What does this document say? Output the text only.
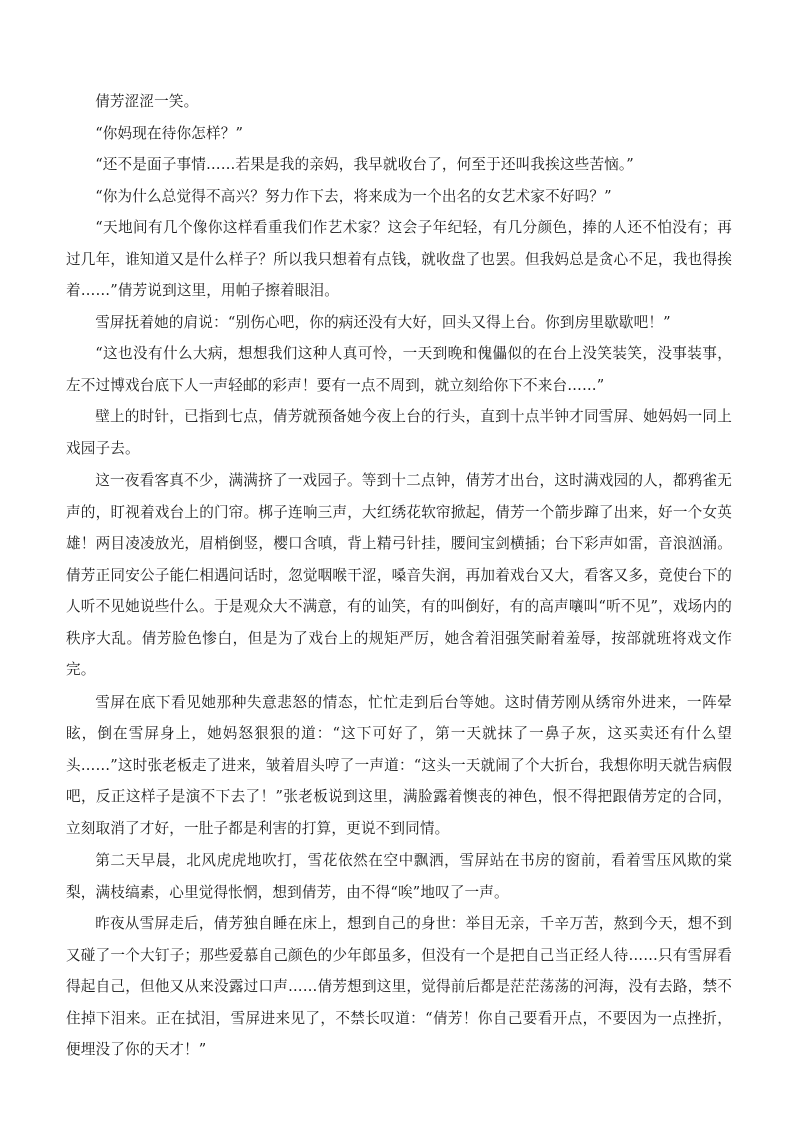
倩芳涩涩一笑。

“你妈现在待你怎样？”

“还不是面子事情……若果是我的亲妈，我早就收台了，何至于还叫我挨这些苦恼。”

“你为什么总觉得不高兴？努力作下去，将来成为一个出名的女艺术家不好吗？”

“天地间有几个像你这样看重我们作艺术家？这会子年纪轻，有几分颜色，捧的人还不怕没有；再过几年，谁知道又是什么样子？所以我只想着有点钱，就收盘了也罢。但我妈总是贪心不足，我也得挨着……”倩芳说到这里，用帕子擦着眼泪。

雪屏抚着她的肩说：“别伤心吧，你的病还没有大好，回头又得上台。你到房里歇歇吧！”

“这也没有什么大病，想想我们这种人真可怜，一天到晚和傀儡似的在台上没笑装笑，没事装事，左不过博戏台底下人一声轻邮的彩声！要有一点不周到，就立刻给你下不来台……”

壁上的时针，已指到七点，倩芳就预备她今夜上台的行头，直到十点半钟才同雪屏、她妈妈一同上戏园子去。

这一夜看客真不少，满满挤了一戏园子。等到十二点钟，倩芳才出台，这时满戏园的人，都鸦雀无声的，盯视着戏台上的门帘。梆子连响三声，大红绣花软帘掀起，倩芳一个箭步蹿了出来，好一个女英雄！两目凌凌放光，眉梢倒竖，樱口含嗔，背上精弓针挂，腰间宝剑横插；台下彩声如雷，音浪汹涌。倩芳正同安公子能仁相遇问话时，忽觉咽喉干涩，嗓音失润，再加着戏台又大，看客又多，竟使台下的人听不见她说些什么。于是观众大不满意，有的讪笑，有的叫倒好，有的高声嚷叫“听不见”，戏场内的秩序大乱。倩芳脸色惨白，但是为了戏台上的规矩严厉，她含着泪强笑耐着羞辱，按部就班将戏文作完。

雪屏在底下看见她那种失意悲怒的情态，忙忙走到后台等她。这时倩芳刚从绣帘外进来，一阵晕眩，倒在雪屏身上，她妈怒狠狠的道：“这下可好了，第一天就抹了一鼻子灰，这买卖还有什么望头……”这时张老板走了进来，皱着眉头哼了一声道：“这头一天就闹了个大折台，我想你明天就告病假吧，反正这样子是演不下去了！”张老板说到这里，满脸露着懊丧的神色，恨不得把跟倩芳定的合同，立刻取消了才好，一肚子都是利害的打算，更说不到同情。

第二天早晨，北风虎虎地吹打，雪花依然在空中飘洒，雪屏站在书房的窗前，看着雪压风欺的棠梨，满枝缟素，心里觉得怅惘，想到倩芳，由不得“唉”地叹了一声。

昨夜从雪屏走后，倩芳独自睡在床上，想到自己的身世：举目无亲，千辛万苦，熬到今天，想不到又碰了一个大钉子；那些爱慕自己颜色的少年郎虽多，但没有一个是把自己当正经人待……只有雪屏看得起自己，但他又从来没露过口声……倩芳想到这里，觉得前后都是茫茫荡荡的河海，没有去路，禁不住掉下泪来。正在拭泪，雪屏进来见了，不禁长叹道：“倩芳！你自己要看开点，不要因为一点挫折，便埋没了你的天才！”
